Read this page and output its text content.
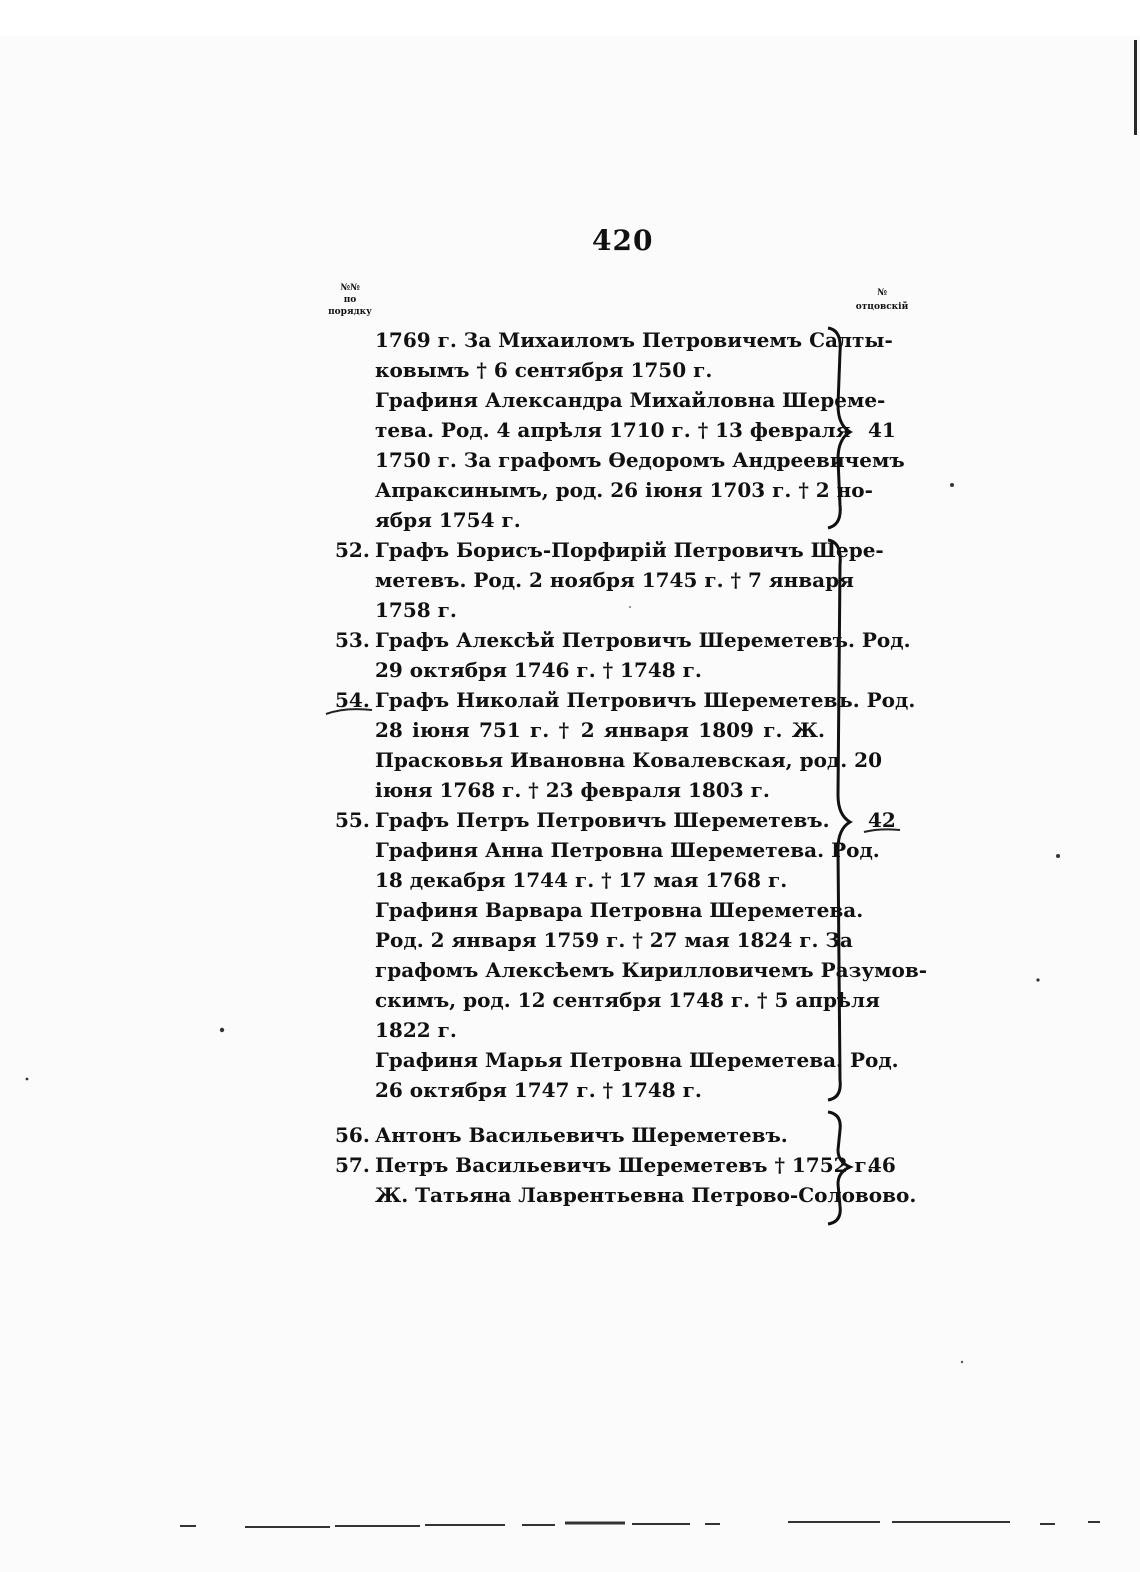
420
№№
по
порядку
№
отцовскій
1769 г. За Михаиломъ Петровичемъ Салты-
ковымъ † 6 сентября 1750 г.
Графиня Александра Михайловна Шереме-
тева. Род. 4 апрѣля 1710 г. † 13 февраля
1750 г. За графомъ Ѳедоромъ Андреевичемъ
Апраксинымъ, род. 26 іюня 1703 г. † 2 но-
ября 1754 г.
41
52. Графъ Борисъ-Порфирій Петровичъ Шере-
метевъ. Род. 2 ноября 1745 г. † 7 января
1758 г.
53. Графъ Алексѣй Петровичъ Шереметевъ. Род.
29 октября 1746 г. † 1748 г.
54. Графъ Николай Петровичъ Шереметевъ. Род.
28 іюня 751 г. † 2 января 1809 г. Ж.
Прасковья Ивановна Ковалевская, род. 20
іюня 1768 г. † 23 февраля 1803 г.
55. Графъ Петръ Петровичъ Шереметевъ.
Графиня Анна Петровна Шереметева. Род.
18 декабря 1744 г. † 17 мая 1768 г.
Графиня Варвара Петровна Шереметева.
Род. 2 января 1759 г. † 27 мая 1824 г. За
графомъ Алексѣемъ Кирилловичемъ Разумов-
скимъ, род. 12 сентября 1748 г. † 5 апрѣля
1822 г.
Графиня Марья Петровна Шереметева. Род.
26 октября 1747 г. † 1748 г.
42
56. Антонъ Васильевичъ Шереметевъ.
57. Петръ Васильевичъ Шереметевъ † 1752 г.
Ж. Татьяна Лаврентьевна Петрово-Соловово.
46
